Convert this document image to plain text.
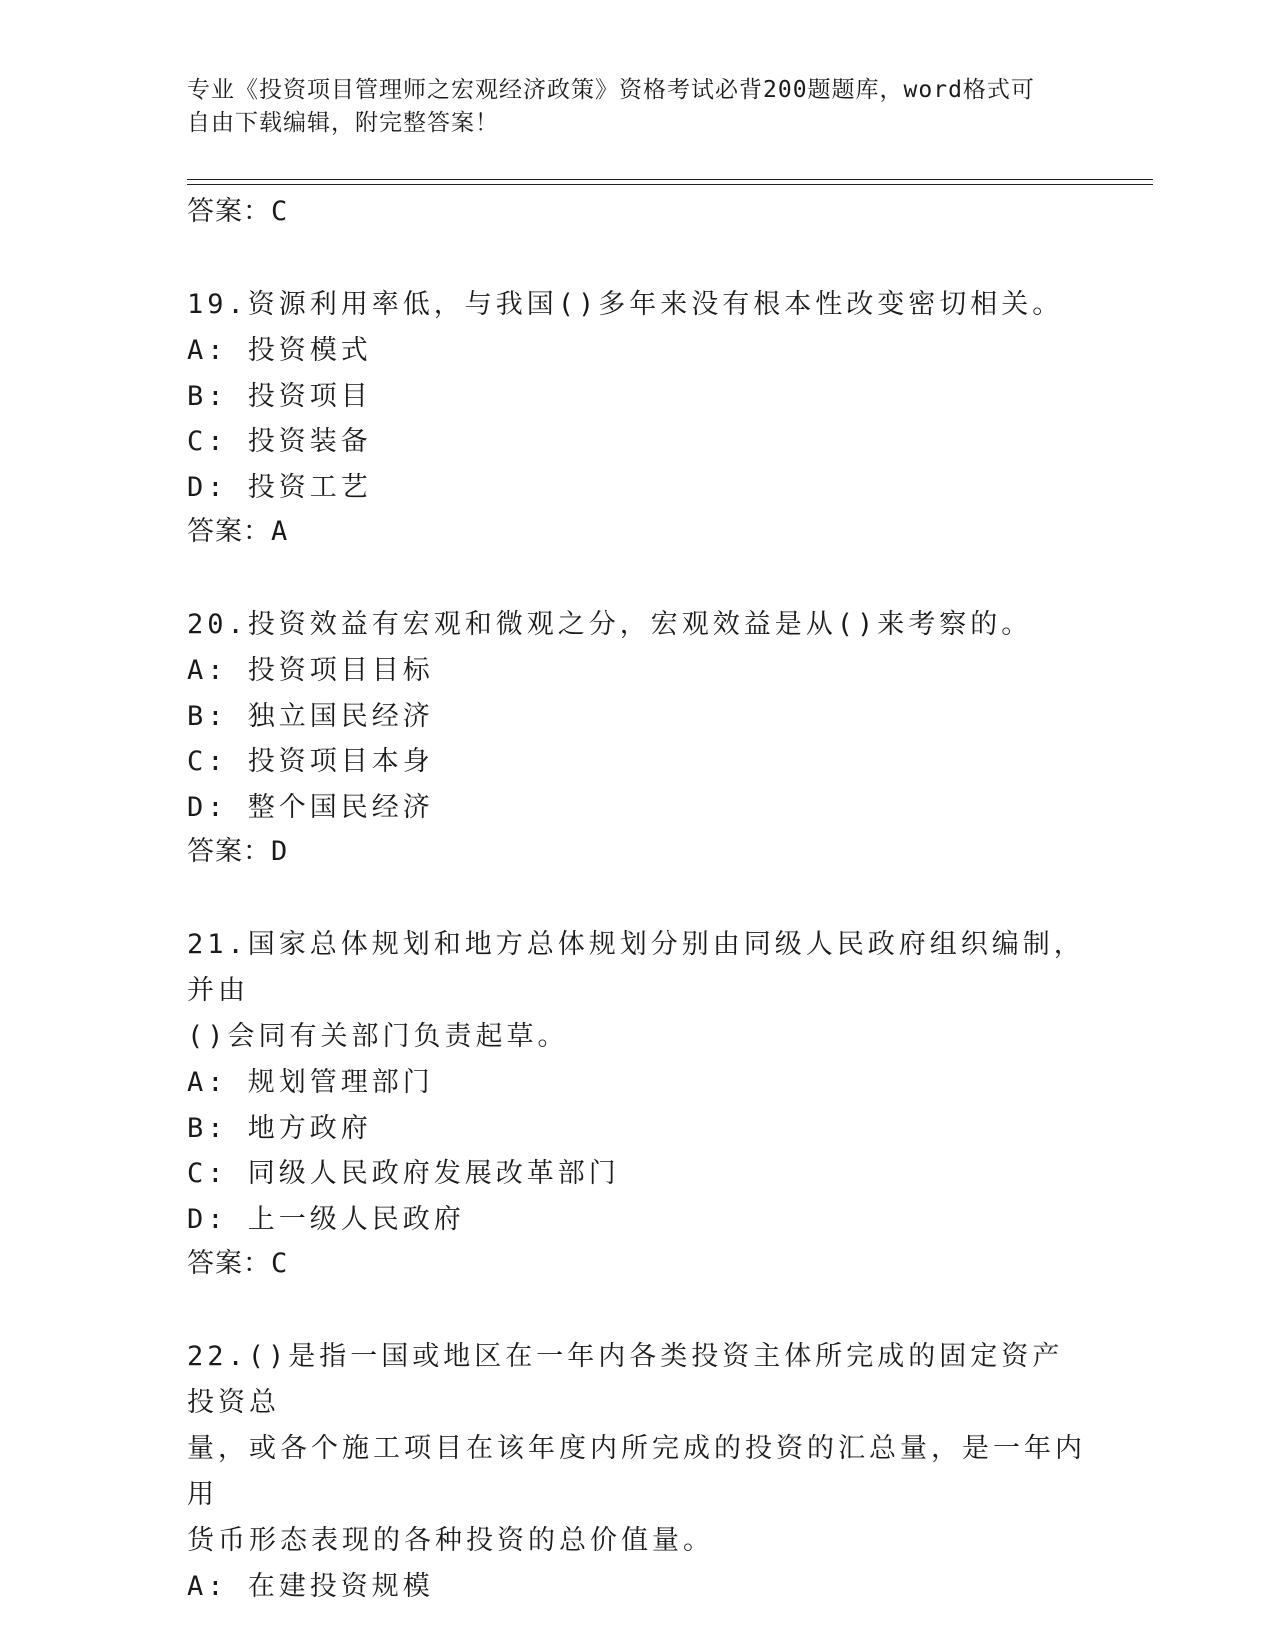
专业《投资项目管理师之宏观经济政策》资格考试必背200题题库，word格式可
自由下载编辑，附完整答案！
答案：C
19.资源利用率低，与我国()多年来没有根本性改变密切相关。
A: 投资模式
B: 投资项目
C: 投资装备
D: 投资工艺
答案：A
20.投资效益有宏观和微观之分，宏观效益是从()来考察的。
A: 投资项目目标
B: 独立国民经济
C: 投资项目本身
D: 整个国民经济
答案：D
21.国家总体规划和地方总体规划分别由同级人民政府组织编制，并由
()会同有关部门负责起草。
A: 规划管理部门
B: 地方政府
C: 同级人民政府发展改革部门
D: 上一级人民政府
答案：C
22.()是指一国或地区在一年内各类投资主体所完成的固定资产投资总
量，或各个施工项目在该年度内所完成的投资的汇总量，是一年内用
货币形态表现的各种投资的总价值量。
A: 在建投资规模
